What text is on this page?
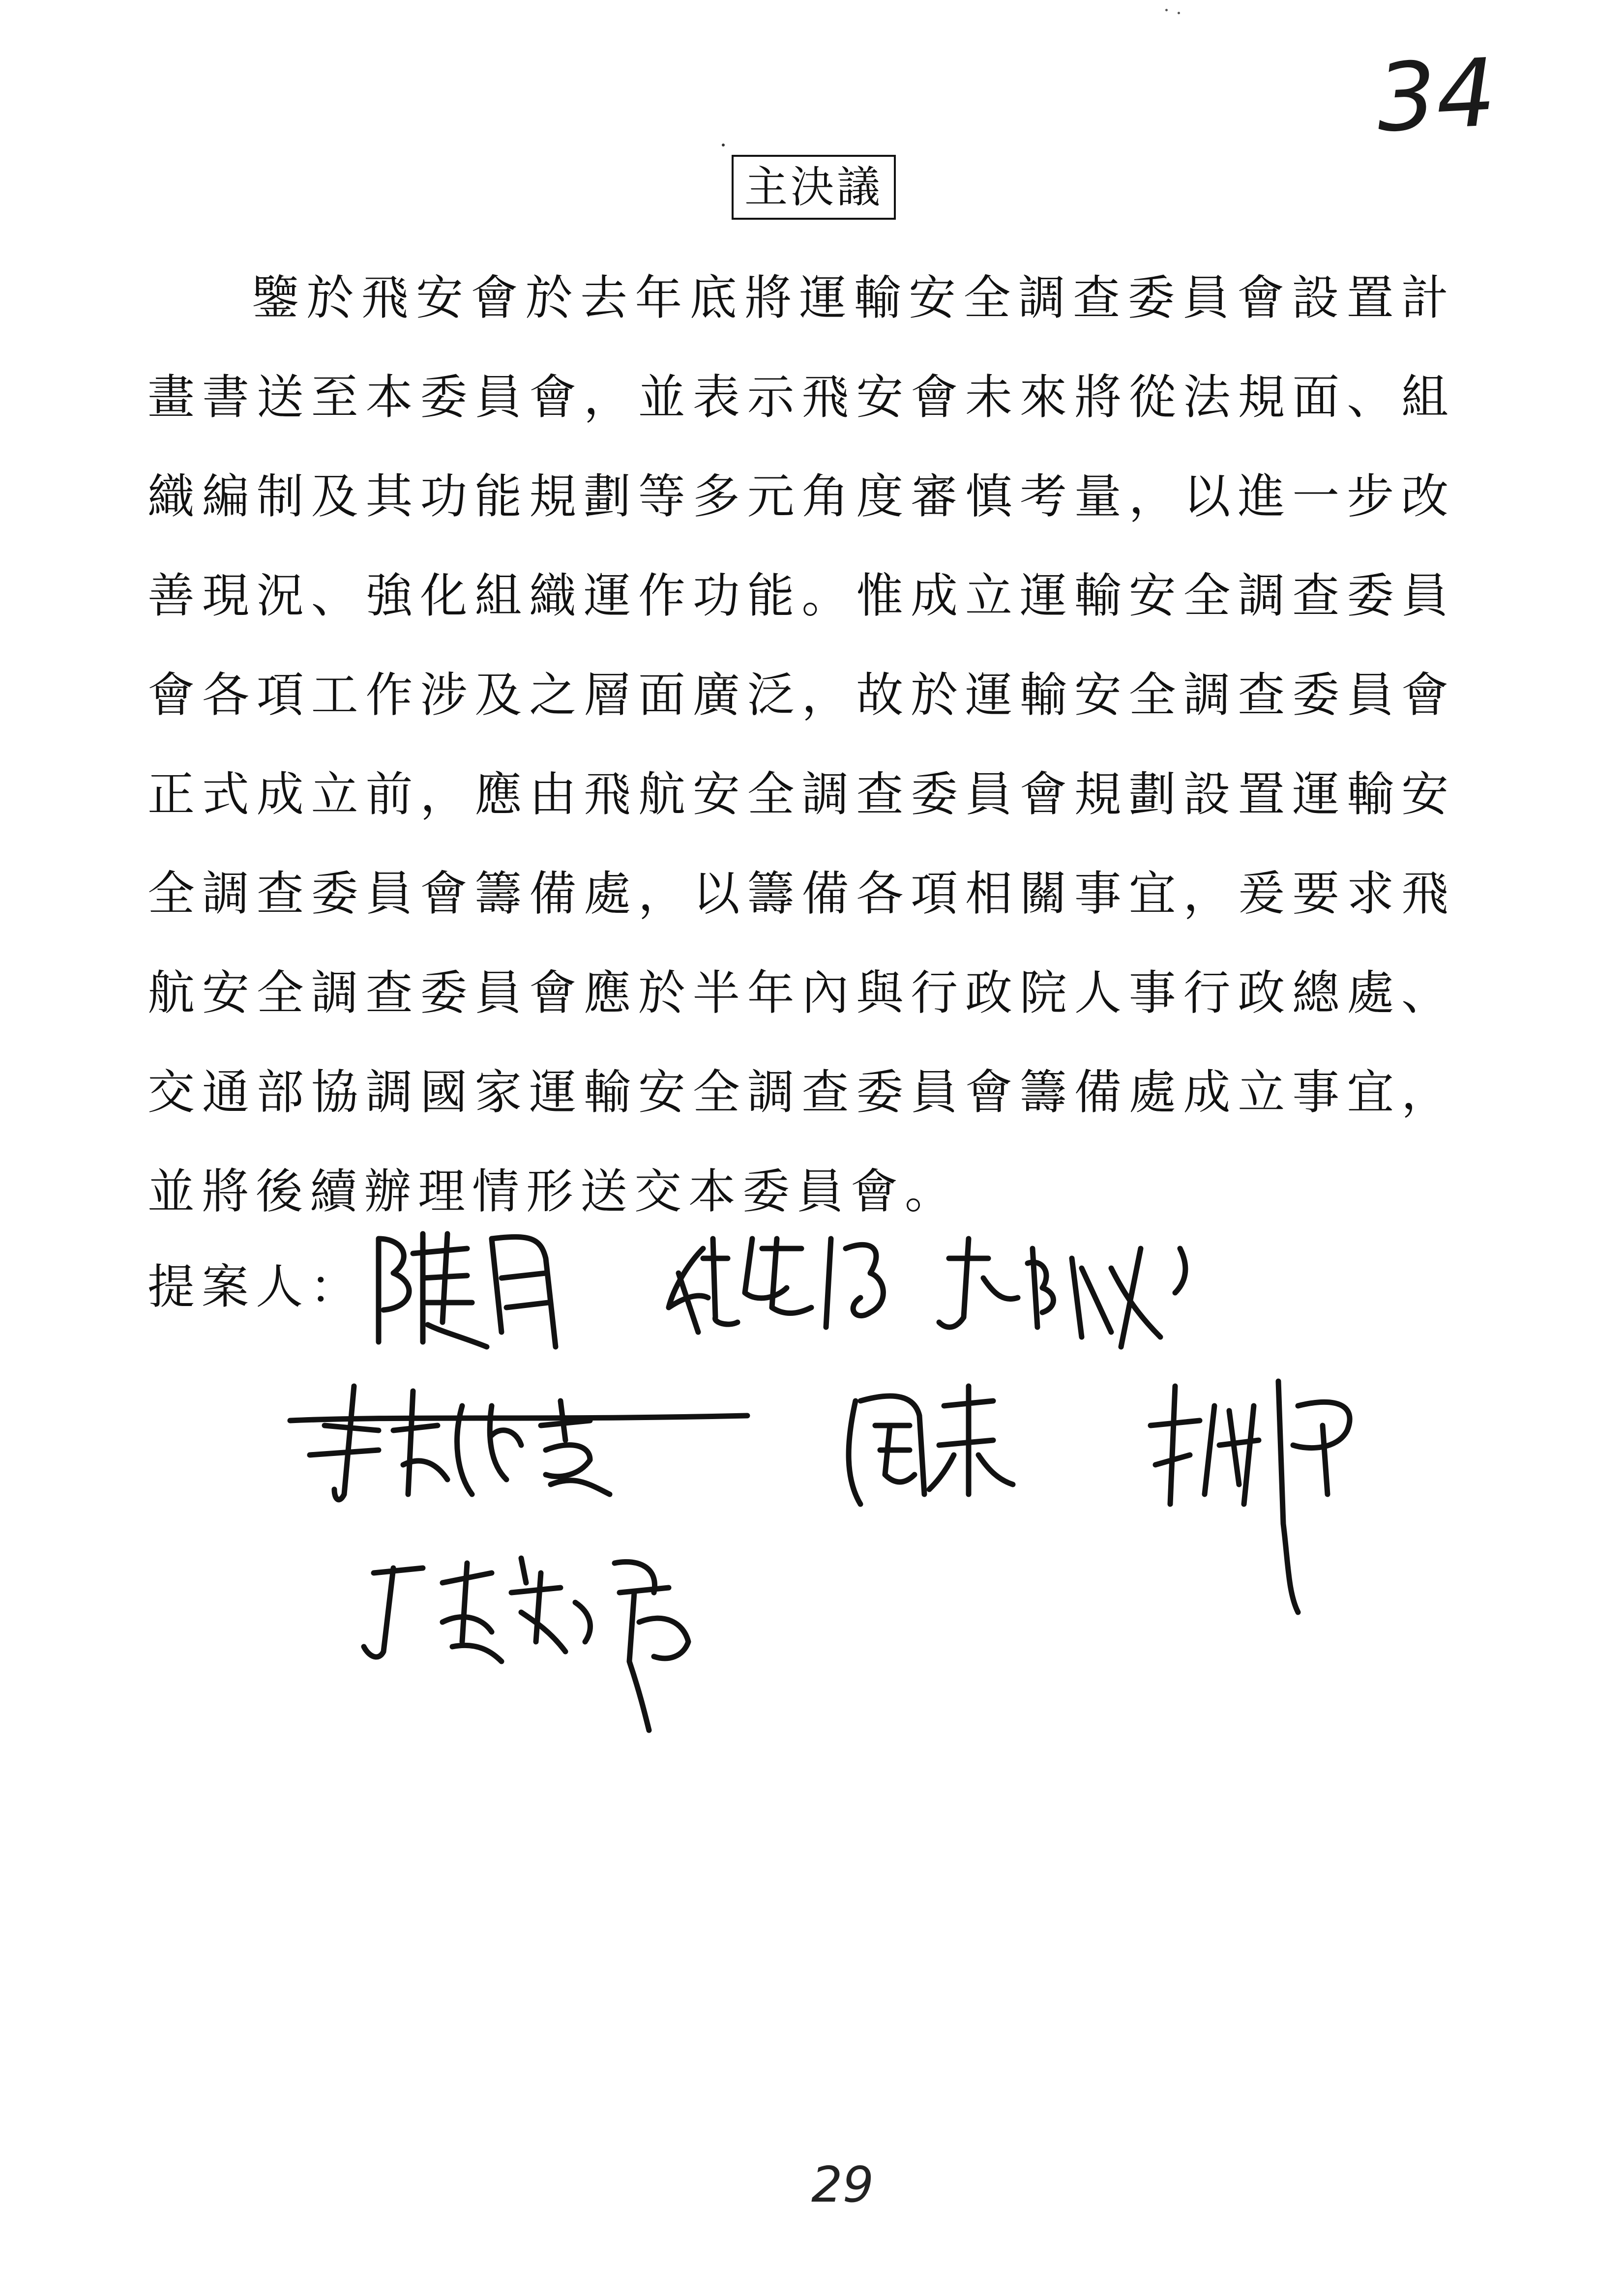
34
主決議

鑒於飛安會於去年底將運輸安全調查委員會設置計畫書送至本委員會，並表示飛安會未來將從法規面、組織編制及其功能規劃等多元角度審慎考量，以進一步改善現況、強化組織運作功能。惟成立運輸安全調查委員會各項工作涉及之層面廣泛，故於運輸安全調查委員會正式成立前，應由飛航安全調查委員會規劃設置運輸安全調查委員會籌備處，以籌備各項相關事宜，爰要求飛航安全調查委員會應於半年內與行政院人事行政總處、交通部協調國家運輸安全調查委員會籌備處成立事宜，並將後續辦理情形送交本委員會。

提案人：
29
